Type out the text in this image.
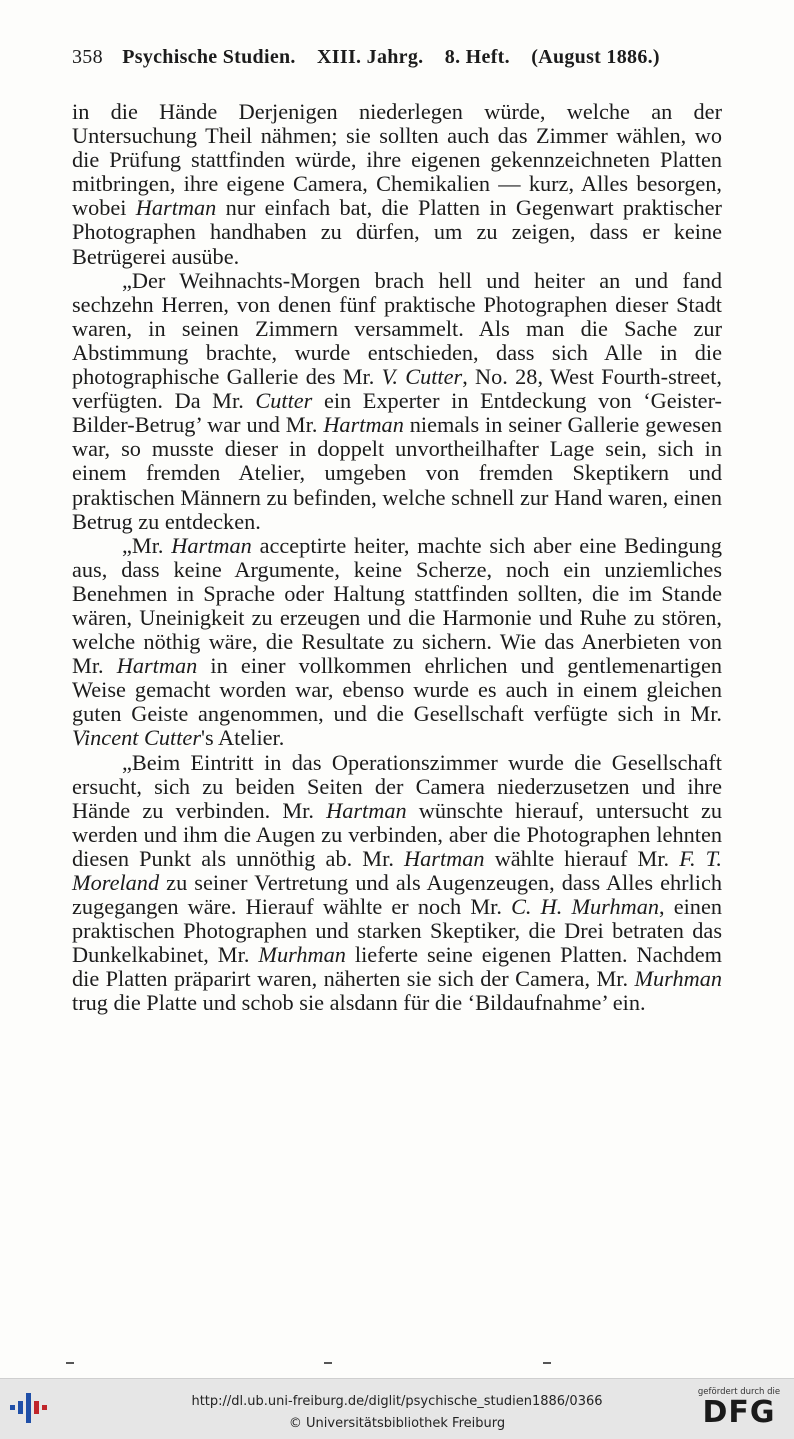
358 Psychische Studien. XIII. Jahrg. 8. Heft. (August 1886.)

in die Hände Derjenigen niederlegen würde, welche an der Untersuchung Theil nähmen; sie sollten auch das Zimmer wählen, wo die Prüfung stattfinden würde, ihre eigenen gekennzeichneten Platten mitbringen, ihre eigene Camera, Chemikalien — kurz, Alles besorgen, wobei Hartman nur einfach bat, die Platten in Gegenwart praktischer Photographen handhaben zu dürfen, um zu zeigen, dass er keine Betrügerei ausübe.

„Der Weihnachts-Morgen brach hell und heiter an und fand sechzehn Herren, von denen fünf praktische Photographen dieser Stadt waren, in seinen Zimmern versammelt. Als man die Sache zur Abstimmung brachte, wurde entschieden, dass sich Alle in die photographische Gallerie des Mr. V. Cutter, No. 28, West Fourth-street, verfügten. Da Mr. Cutter ein Experter in Entdeckung von ‘Geister-Bilder-Betrug’ war und Mr. Hartman niemals in seiner Gallerie gewesen war, so musste dieser in doppelt unvortheilhafter Lage sein, sich in einem fremden Atelier, umgeben von fremden Skeptikern und praktischen Männern zu befinden, welche schnell zur Hand waren, einen Betrug zu entdecken.

„Mr. Hartman acceptirte heiter, machte sich aber eine Bedingung aus, dass keine Argumente, keine Scherze, noch ein unziemliches Benehmen in Sprache oder Haltung stattfinden sollten, die im Stande wären, Uneinigkeit zu erzeugen und die Harmonie und Ruhe zu stören, welche nöthig wäre, die Resultate zu sichern. Wie das Anerbieten von Mr. Hartman in einer vollkommen ehrlichen und gentlemenartigen Weise gemacht worden war, ebenso wurde es auch in einem gleichen guten Geiste angenommen, und die Gesellschaft verfügte sich in Mr. Vincent Cutter's Atelier.

„Beim Eintritt in das Operationszimmer wurde die Gesellschaft ersucht, sich zu beiden Seiten der Camera niederzusetzen und ihre Hände zu verbinden. Mr. Hartman wünschte hierauf, untersucht zu werden und ihm die Augen zu verbinden, aber die Photographen lehnten diesen Punkt als unnöthig ab. Mr. Hartman wählte hierauf Mr. F. T. Moreland zu seiner Vertretung und als Augenzeugen, dass Alles ehrlich zugegangen wäre. Hierauf wählte er noch Mr. C. H. Murhman, einen praktischen Photographen und starken Skeptiker, die Drei betraten das Dunkelkabinet, Mr. Murhman lieferte seine eigenen Platten. Nachdem die Platten präparirt waren, näherten sie sich der Camera, Mr. Murhman trug die Platte und schob sie alsdann für die ‘Bildaufnahme’ ein.

http://dl.ub.uni-freiburg.de/diglit/psychische_studien1886/0366
© Universitätsbibliothek Freiburg
gefördert durch die
DFG
